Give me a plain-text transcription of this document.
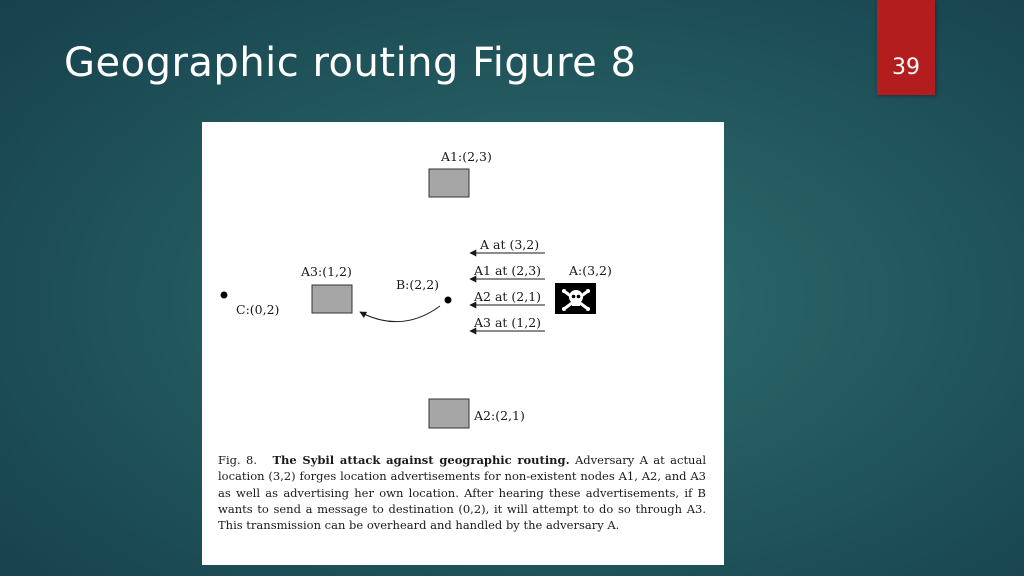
Geographic routing Figure 8	39
A1:(2,3)
C:(0,2)
A3:(1,2)
B:(2,2)
A at (3,2)
A1 at (2,3)
A2 at (2,1)
A3 at (1,2)
A:(3,2)
A2:(2,1)

Fig. 8. The Sybil attack against geographic routing. Adversary A at actual location (3,2) forges location advertisements for non-existent nodes A1, A2, and A3 as well as advertising her own location. After hearing these advertisements, if B wants to send a message to destination (0,2), it will attempt to do so through A3. This transmission can be overheard and handled by the adversary A.
